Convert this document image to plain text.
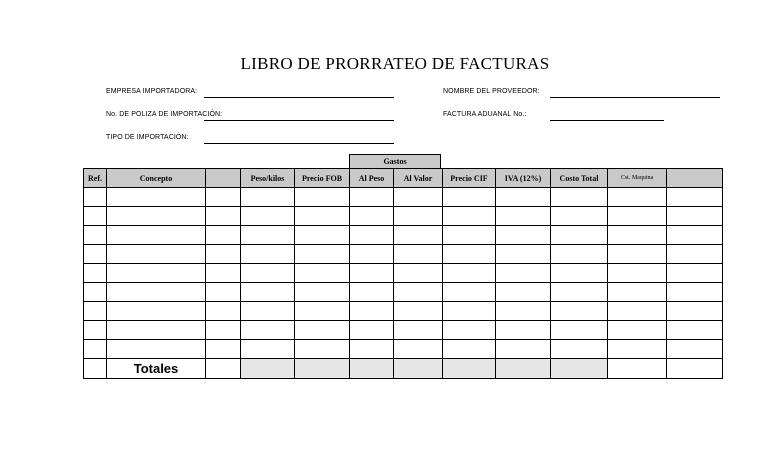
LIBRO DE PRORRATEO DE FACTURAS
EMPRESA IMPORTADORA:
No. DE POLIZA DE IMPORTACIÓN:
TIPO DE IMPORTACIÓN:
NOMBRE DEL PROVEEDOR:
FACTURA ADUANAL No.:
Gastos
Ref.	Concepto		Peso/kilos	Precio FOB	Al Peso	Al Valor	Precio CIF	IVA (12%)	Costo Total	Cst. Maquina	

	Totales										
